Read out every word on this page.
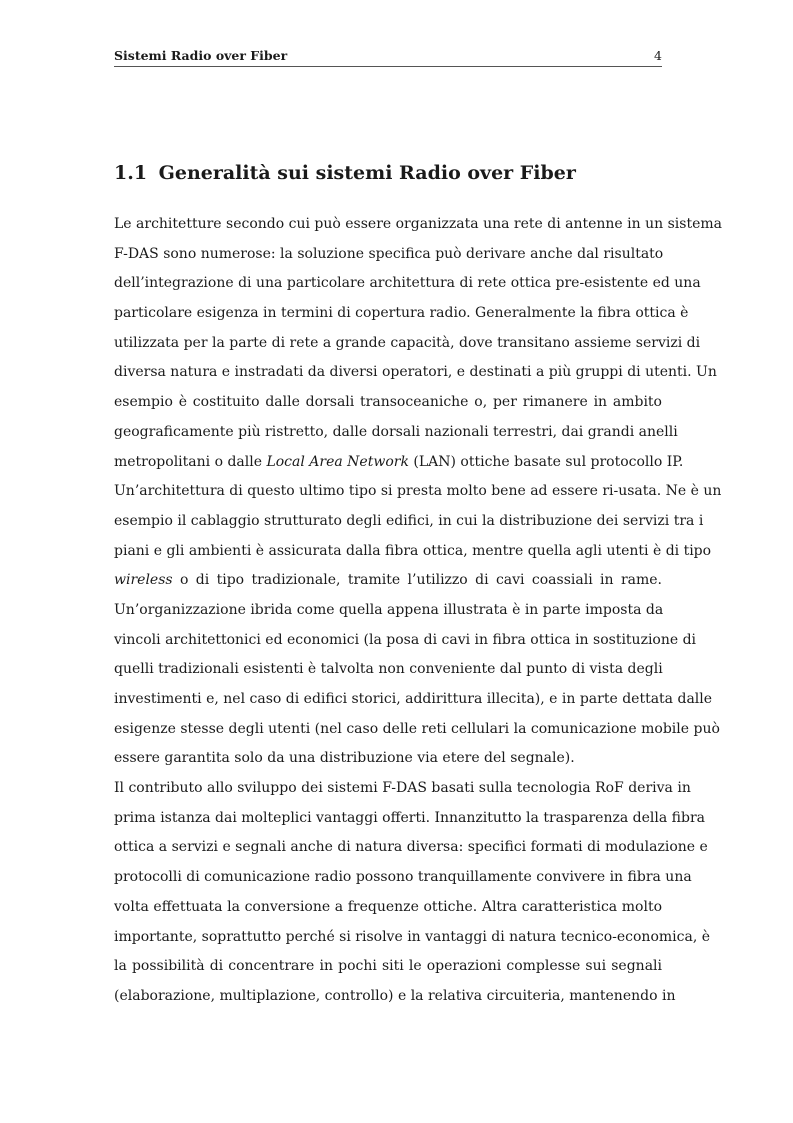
Sistemi Radio over Fiber	4
1.1 Generalità sui sistemi Radio over Fiber
Le architetture secondo cui può essere organizzata una rete di antenne in un sistema
F-DAS sono numerose: la soluzione specifica può derivare anche dal risultato
dell’integrazione di una particolare architettura di rete ottica pre-esistente ed una
particolare esigenza in termini di copertura radio. Generalmente la fibra ottica è
utilizzata per la parte di rete a grande capacità, dove transitano assieme servizi di
diversa natura e instradati da diversi operatori, e destinati a più gruppi di utenti. Un
esempio è costituito dalle dorsali transoceaniche o, per rimanere in ambito
geograficamente più ristretto, dalle dorsali nazionali terrestri, dai grandi anelli
metropolitani o dalle Local Area Network (LAN) ottiche basate sul protocollo IP.
Un’architettura di questo ultimo tipo si presta molto bene ad essere ri-usata. Ne è un
esempio il cablaggio strutturato degli edifici, in cui la distribuzione dei servizi tra i
piani e gli ambienti è assicurata dalla fibra ottica, mentre quella agli utenti è di tipo
wireless o di tipo tradizionale, tramite l’utilizzo di cavi coassiali in rame.
Un’organizzazione ibrida come quella appena illustrata è in parte imposta da
vincoli architettonici ed economici (la posa di cavi in fibra ottica in sostituzione di
quelli tradizionali esistenti è talvolta non conveniente dal punto di vista degli
investimenti e, nel caso di edifici storici, addirittura illecita), e in parte dettata dalle
esigenze stesse degli utenti (nel caso delle reti cellulari la comunicazione mobile può
essere garantita solo da una distribuzione via etere del segnale).
Il contributo allo sviluppo dei sistemi F-DAS basati sulla tecnologia RoF deriva in
prima istanza dai molteplici vantaggi offerti. Innanzitutto la trasparenza della fibra
ottica a servizi e segnali anche di natura diversa: specifici formati di modulazione e
protocolli di comunicazione radio possono tranquillamente convivere in fibra una
volta effettuata la conversione a frequenze ottiche. Altra caratteristica molto
importante, soprattutto perché si risolve in vantaggi di natura tecnico-economica, è
la possibilità di concentrare in pochi siti le operazioni complesse sui segnali
(elaborazione, multiplazione, controllo) e la relativa circuiteria, mantenendo in
